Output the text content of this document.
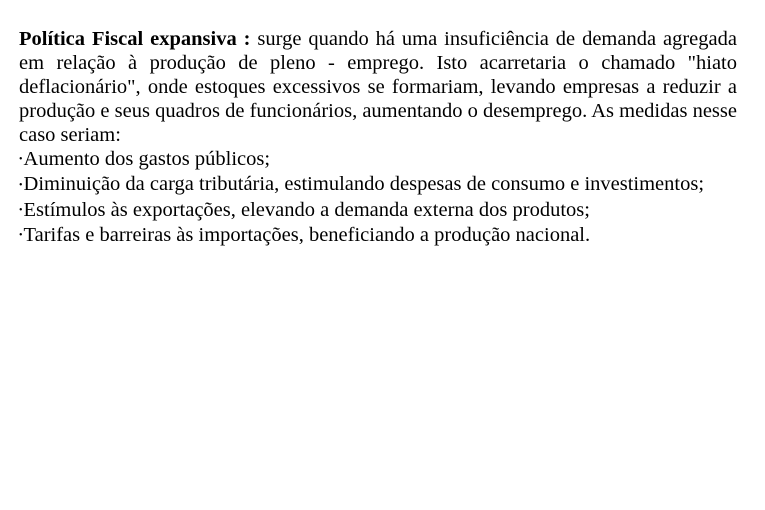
Política Fiscal expansiva : surge quando há uma insuficiência de demanda agregada em relação à produção de pleno - emprego. Isto acarretaria o chamado "hiato deflacionário", onde estoques excessivos se formariam, levando empresas a reduzir a produção e seus quadros de funcionários, aumentando o desemprego. As medidas nesse caso seriam:

•Aumento dos gastos públicos;
•Diminuição da carga tributária, estimulando despesas de consumo e investimentos;
•Estímulos às exportações, elevando a demanda externa dos produtos;
•Tarifas e barreiras às importações, beneficiando a produção nacional.
